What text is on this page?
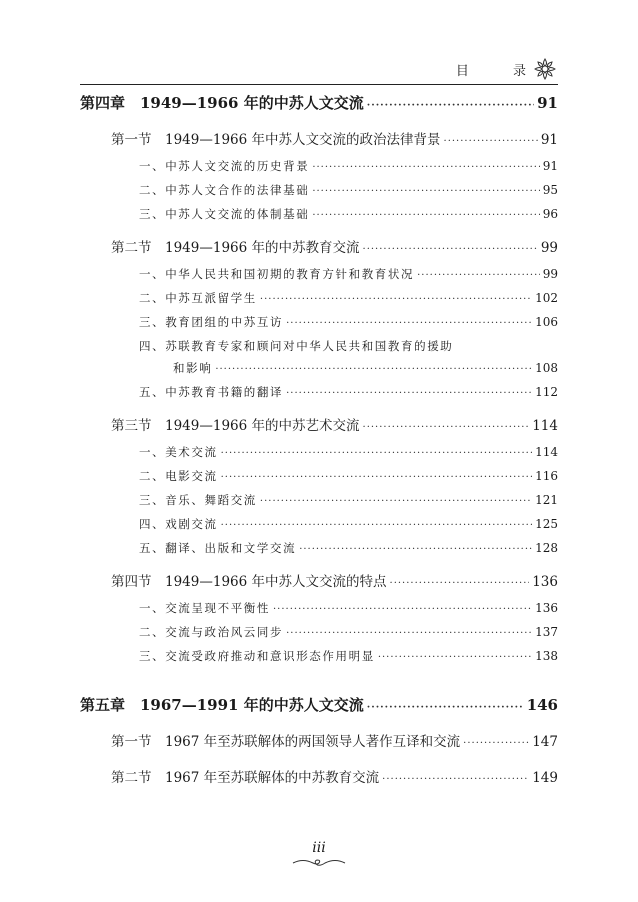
目 录
第四章　1949—1966 年的中苏人文交流 ·····	91
第一节　1949—1966 年中苏人文交流的政治法律背景 ·····	91
一、中苏人文交流的历史背景 ·····	91
二、中苏人文合作的法律基础 ·····	95
三、中苏人文交流的体制基础 ·····	96
第二节　1949—1966 年的中苏教育交流 ·····	99
一、中华人民共和国初期的教育方针和教育状况 ·····	99
二、中苏互派留学生 ·····	102
三、教育团组的中苏互访 ·····	106
四、苏联教育专家和顾问对中华人民共和国教育的援助
和影响 ·····	108
五、中苏教育书籍的翻译 ·····	112
第三节　1949—1966 年的中苏艺术交流 ·····	114
一、美术交流 ·····	114
二、电影交流 ·····	116
三、音乐、舞蹈交流 ·····	121
四、戏剧交流 ·····	125
五、翻译、出版和文学交流 ·····	128
第四节　1949—1966 年中苏人文交流的特点 ·····	136
一、交流呈现不平衡性 ·····	136
二、交流与政治风云同步 ·····	137
三、交流受政府推动和意识形态作用明显 ·····	138
第五章　1967—1991 年的中苏人文交流 ·····	146
第一节　1967 年至苏联解体的两国领导人著作互译和交流 ·····	147
第二节　1967 年至苏联解体的中苏教育交流 ·····	149
iii
